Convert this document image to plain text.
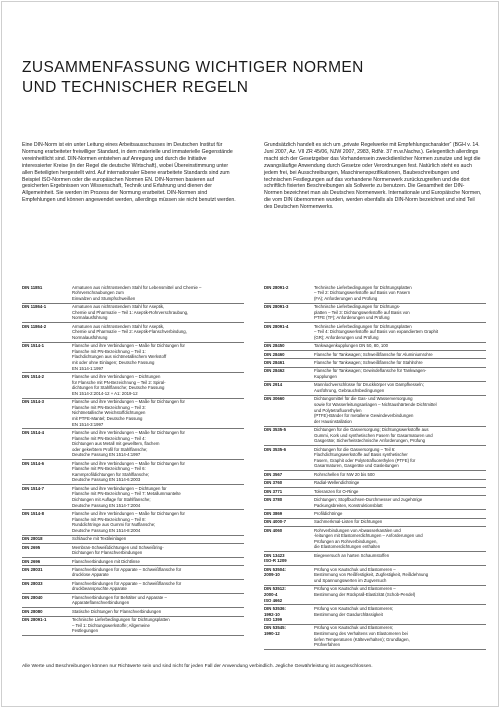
ZUSAMMENFASSUNG WICHTIGER NORMEN
UND TECHNISCHER REGELN

Eine DIN-Norm ist ein unter Leitung eines Arbeitsausschusses im Deutschen Institut für Normung erarbeiteter freiwilliger Standard, in dem materielle und immaterielle Gegenstände vereinheitlicht sind. DIN-Normen entstehen auf Anregung und durch die Initiative interessierter Kreise (in der Regel die deutsche Wirtschaft), wobei Übereinstimmung unter allen Beteiligten hergestellt wird. Auf internationaler Ebene erarbeitete Standards sind zum Beispiel ISO-Normen oder die europäischen Normen EN. DIN-Normen basieren auf gesicherten Ergebnissen von Wissenschaft, Technik und Erfahrung und dienen der Allgemeinheit. Sie werden im Prozess der Normung erarbeitet. DIN-Normen sind Empfehlungen und können angewendet werden, allerdings müssen sie nicht benutzt werden.

Grundsätzlich handelt es sich um „private Regelwerke mit Empfehlungscharakter“ (BGH v. 14. Juni 2007, Az. VII ZR 45/06, NJW 2007, 2983, RdNr. 37 m.w.Nachw.). Gelegentlich allerdings macht sich der Gesetzgeber das Vorhandensein zweckdienlicher Normen zunutze und legt die zwangsläufige Anwendung durch Gesetze oder Verordnungen fest. Natürlich steht es auch jedem frei, bei Ausschreibungen, Maschinenspezifikationen, Baubeschreibungen und technischen Festlegungen auf das vorhandene Normenwerk zurückzugreifen und die dort schriftlich fixierten Beschreibungen als Sollwerte zu benutzen. Die Gesamtheit der DIN-Normen bezeichnet man als Deutsches Normenwerk. Internationale und Europäische Normen, die vom DIN übernommen wurden, werden ebenfalls als DIN-Norm bezeichnet und sind Teil des Deutschen Normenwerks.

DIN 11851	Armaturen aus nichtrostendem Stahl für Lebensmittel und Chemie – Rohrverschraubungen zum
Einwalzen und Stumpfschweißen
DIN 11864-1	Armaturen aus nichtrostendem Stahl für Aseptik,
Chemie und Pharmazie – Teil 1: Aseptik-Rohrverschraubung,
Normalausführung
DIN 11864-2	Armaturen aus nichtrostendem Stahl für Aseptik,
Chemie und Pharmazie – Teil 2: Aseptik-Flanschverbindung,
Normalausführung
DIN 1514-1	Flansche und ihre Verbindungen – Maße für Dichtungen für
Flansche mit PN-Bezeichnung – Teil 1:
Flachdichtungen aus nichtmetallischem Werkstoff
mit oder ohne Einlagen; Deutsche Fassung
EN 1514-1:1997
DIN 1514-2	Flansche und ihre Verbindungen – Dichtungen
für Flansche mit PN-Bezeichnung – Teil 2: Spiral-
dichtungen für Stahlflansche; Deutsche Fassung
EN 1514-2:2014-12 + A1: 2019-12
DIN 1514-3	Flansche und ihre Verbindungen – Maße für Dichtungen für
Flansche mit PN-Bezeichnung – Teil 3:
Nichtmetallische Weichstoffdichtungen
mit PTFE-Mantel; Deutsche Fassung
EN 1514-3:1997
DIN 1514-4	Flansche und ihre Verbindungen – Maße für Dichtungen für
Flansche mit PN-Bezeichnung – Teil 4:
Dichtungen aus Metall mit gewelltem, flachem
oder gekerbtem Profil für Stahlflansche;
Deutsche Fassung EN 1514-4:1997
DIN 1514-6	Flansche und ihre Verbindungen – Maße für Dichtungen für
Flansche mit PN-Bezeichnung – Teil 6:
Kammprofildichtungen für Stahlflansche;
Deutsche Fassung EN 1514-6:2003
DIN 1514-7	Flansche und ihre Verbindungen – Dichtungen für
Flansche mit PN-Bezeichnung – Teil 7: Metallummantelte
Dichtungen mit Auflage für Stahlflansche;
Deutsche Fassung EN 1514-7:2004
DIN 1514-8	Flansche und ihre Verbindungen – Maße für Dichtungen für
Flansche mit PN-Bezeichnung – Teil 8:
Runddichtringe aus Gummi für Nutflansche;
Deutsche Fassung EN 1514-8:2004
DIN 28018	Schläuche mit Textileinlagen
DIN 2695	Membran-Schweißdichtungen und Schweißring-
Dichtungen für Flanschverbindungen
DIN 2696	Flanschverbindungen mit Dichtlinse
DIN 28031	Flanschverbindungen für Apparate – Schweißflansche für
drucklose Apparate
DIN 28033	Flanschverbindungen für Apparate – Schweißflansche für
druckbeanspruchte Apparate
DIN 28040	Flanschverbindungen für Behälter und Apparate –
Apparateflanschverbindungen
DIN 28080	Statische Dichtungen für Flanschverbindungen
DIN 28091-1	Technische Lieferbedingungen für Dichtungsplatten
– Teil 1: Dichtungswerkstoffe; Allgemeine
Festlegungen
DIN 28091-2	Technische Lieferbedingungen für Dichtungsplatten
– Teil 2: Dichtungswerkstoffe auf Basis von Fasern
(FA); Anforderungen und Prüfung
DIN 28091-3	Technische Lieferbedingungen für Dichtungs-
platten – Teil 3: Dichtungswerkstoffe auf Basis von
PTFE (TF); Anforderungen und Prüfung
DIN 28091-4	Technische Lieferbedingungen für Dichtungsplatten
– Teil 4: Dichtungswerkstoffe auf Basis von expandiertem Graphit
(GR); Anforderungen und Prüfung
DIN 28450	Tankwagenkupplungen DN 50, 80, 100
DIN 28460	Flansche für Tankwagen; Schweißflansche für Aluminiumrohre
DIN 28461	Flansche für Tankwagen; Schweißflansche für Stahlrohre
DIN 28462	Flansche für Tankwagen; Gewindeflansche für Tankwagen-
Kupplungen
DIN 2914	Mannlochverschlüsse für Druckkörper von Dampfkesseln;
Ausführung, Gebrauchsbedingungen
DIN 30660	Dichtungsmittel für die Gas- und Wasserversorgung
sowie für Wasserleitungsanlagen – Nichtaushärtende Dichtmittel
und Polytetrafluorethylen
(PTFE)-Bänder für metallene Gewindeverbindungen
der Hausinstallation
DIN 3535-5	Dichtungen für die Gasversorgung; Dichtungswerkstoffe aus
Gummi, Kork und synthetischen Fasern für Gasarmaturen und
Gasgeräte; Sicherheitstechnische Anforderungen, Prüfung
DIN 3535-6	Dichtungen für die Gasversorgung – Teil 6:
Flachdichtungswerkstoffe auf Basis synthetischer
Fasern, Graphit oder Polytetrafluorethylen (PTFE) für
Gasarmaturen, Gasgeräte und Gasleitungen
DIN 3567	Rohrschellen für NW 20 bis 500
DIN 3760	Radial-Wellendichtringe
DIN 3771	Toleranzen für O-Ringe
DIN 3780	Dichtungen; Stopfbuchsen-Durchmesser und zugehörige
Packungsbreiten, Konstruktionsblatt
DIN 3869	Profildichtringe
DIN 4000-7	Sachmerkmal-Listen für Dichtungen
DIN 4060	Rohrverbindungen von Abwasserkanälen und
-leitungen mit Elastomerdichtungen – Anforderungen und
Prüfungen an Rohrverbindungen,
die Elastomerdichtungen enthalten
DIN 13423
ISO-R 1209	Biegeversuch an harten Schaumstoffen
DIN 53504:
2009-10	Prüfung von Kautschuk und Elastomeren –
Bestimmung von Reißfestigkeit, Zugfestigkeit, Reißdehnung
und Spannungswerten im Zugversuch
DIN 53512:
2000-4
ISO 4662	Prüfung von Kautschuk und Elastomeren –
Bestimmung der Rückprall-Elastizität (Schob-Pendel)
DIN 53536:
1992-10
ISO 1399	Prüfung von Kautschuk und Elastomeren;
Bestimmung der Gasdurchlässigkeit
DIN 53545:
1990-12	Prüfung von Kautschuk und Elastomeren;
Bestimmung des Verhaltens von Elastomeren bei
tiefen Temperaturen (Kälteverhalten); Grundlagen,
Prüfverfahren
Alle Werte und Beschreibungen können nur Richtwerte sein und sind nicht für jeden Fall der Anwendung verbindlich. Jegliche Gewährleistung ist ausgeschlossen.
